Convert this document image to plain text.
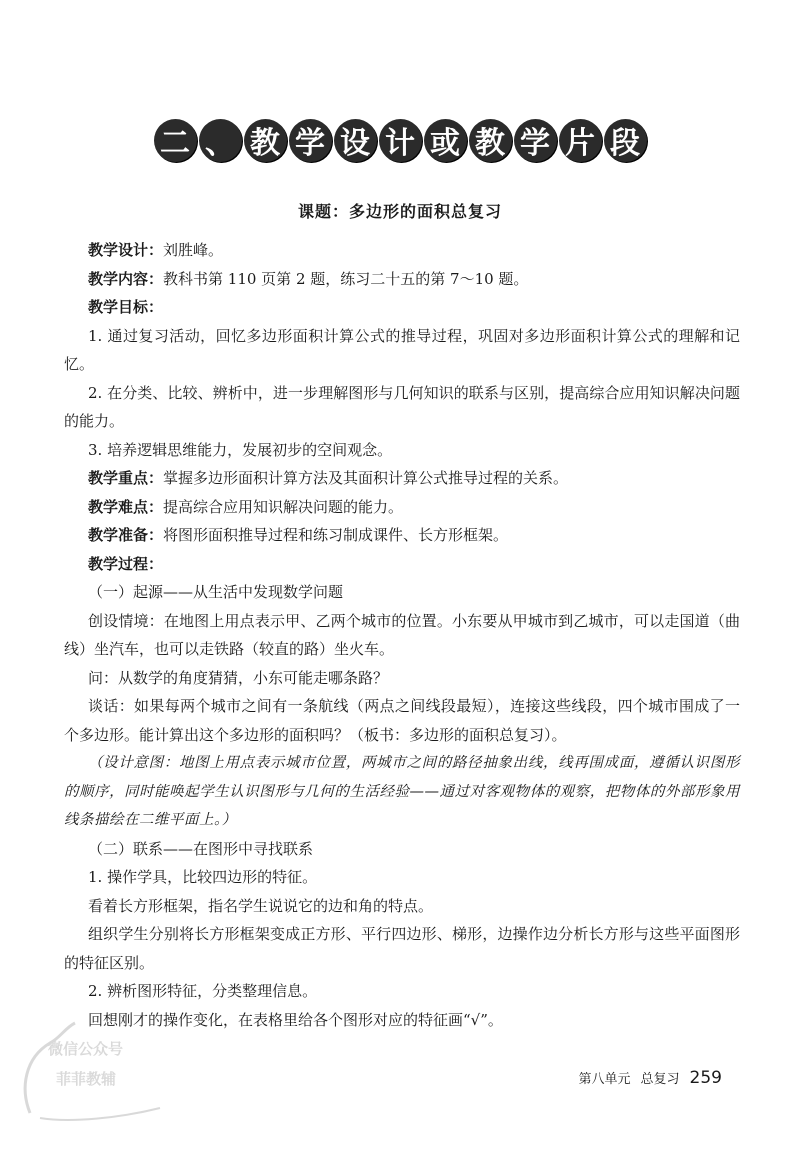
二 、 教 学 设 计 或 教 学 片 段
课题：多边形的面积总复习

教学设计：刘胜峰。

教学内容：教科书第 110 页第 2 题，练习二十五的第 7～10 题。

教学目标：

1. 通过复习活动，回忆多边形面积计算公式的推导过程，巩固对多边形面积计算公式的理解和记忆。

2. 在分类、比较、辨析中，进一步理解图形与几何知识的联系与区别，提高综合应用知识解决问题的能力。

3. 培养逻辑思维能力，发展初步的空间观念。

教学重点：掌握多边形面积计算方法及其面积计算公式推导过程的关系。

教学难点：提高综合应用知识解决问题的能力。

教学准备：将图形面积推导过程和练习制成课件、长方形框架。

教学过程：

（一）起源——从生活中发现数学问题

创设情境：在地图上用点表示甲、乙两个城市的位置。小东要从甲城市到乙城市，可以走国道（曲线）坐汽车，也可以走铁路（较直的路）坐火车。

问：从数学的角度猜猜，小东可能走哪条路？

谈话：如果每两个城市之间有一条航线（两点之间线段最短），连接这些线段，四个城市围成了一个多边形。能计算出这个多边形的面积吗？（板书：多边形的面积总复习）。

（设计意图：地图上用点表示城市位置，两城市之间的路径抽象出线，线再围成面，遵循认识图形的顺序，同时能唤起学生认识图形与几何的生活经验——通过对客观物体的观察，把物体的外部形象用线条描绘在二维平面上。）

（二）联系——在图形中寻找联系

1. 操作学具，比较四边形的特征。

看着长方形框架，指名学生说说它的边和角的特点。

组织学生分别将长方形框架变成正方形、平行四边形、梯形，边操作边分析长方形与这些平面图形的特征区别。

2. 辨析图形特征，分类整理信息。

回想刚才的操作变化，在表格里给各个图形对应的特征画“√”。

微信公众号
菲菲教辅	第八单元 总复习 259
